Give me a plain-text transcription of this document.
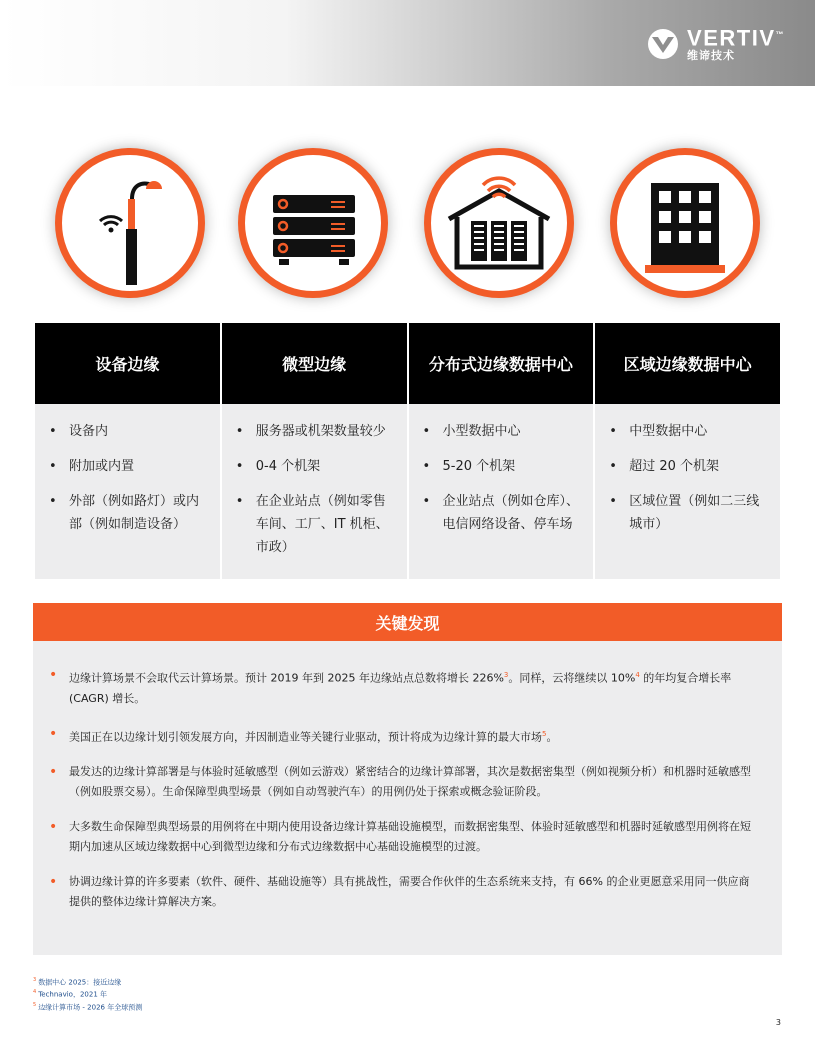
VERTIV™
维谛技术
设备边缘
• 设备内
• 附加或内置
• 外部（例如路灯）或内部（例如制造设备）
微型边缘
• 服务器或机架数量较少
• 0-4 个机架
• 在企业站点（例如零售车间、工厂、IT 机柜、市政）
分布式边缘数据中心
• 小型数据中心
• 5-20 个机架
• 企业站点（例如仓库）、电信网络设备、停车场
区域边缘数据中心
• 中型数据中心
• 超过 20 个机架
• 区域位置（例如二三线城市）
关键发现
• 边缘计算场景不会取代云计算场景。预计 2019 年到 2025 年边缘站点总数将增长 226%$^3$。同样，云将继续以 10%$^4$ 的年均复合增长率 (CAGR) 增长。
• 美国正在以边缘计划引领发展方向，并因制造业等关键行业驱动，预计将成为边缘计算的最大市场$^5$。
• 最发达的边缘计算部署是与体验时延敏感型（例如云游戏）紧密结合的边缘计算部署，其次是数据密集型（例如视频分析）和机器时延敏感型（例如股票交易）。生命保障型典型场景（例如自动驾驶汽车）的用例仍处于探索或概念验证阶段。
• 大多数生命保障型典型场景的用例将在中期内使用设备边缘计算基础设施模型，而数据密集型、体验时延敏感型和机器时延敏感型用例将在短期内加速从区域边缘数据中心到微型边缘和分布式边缘数据中心基础设施模型的过渡。
• 协调边缘计算的许多要素（软件、硬件、基础设施等）具有挑战性，需要合作伙伴的生态系统来支持，有 66% 的企业更愿意采用同一供应商提供的整体边缘计算解决方案。
$^3$ 数据中心 2025：接近边缘
$^4$ Technavio，2021 年
$^5$ 边缘计算市场 - 2026 年全球预测
3
